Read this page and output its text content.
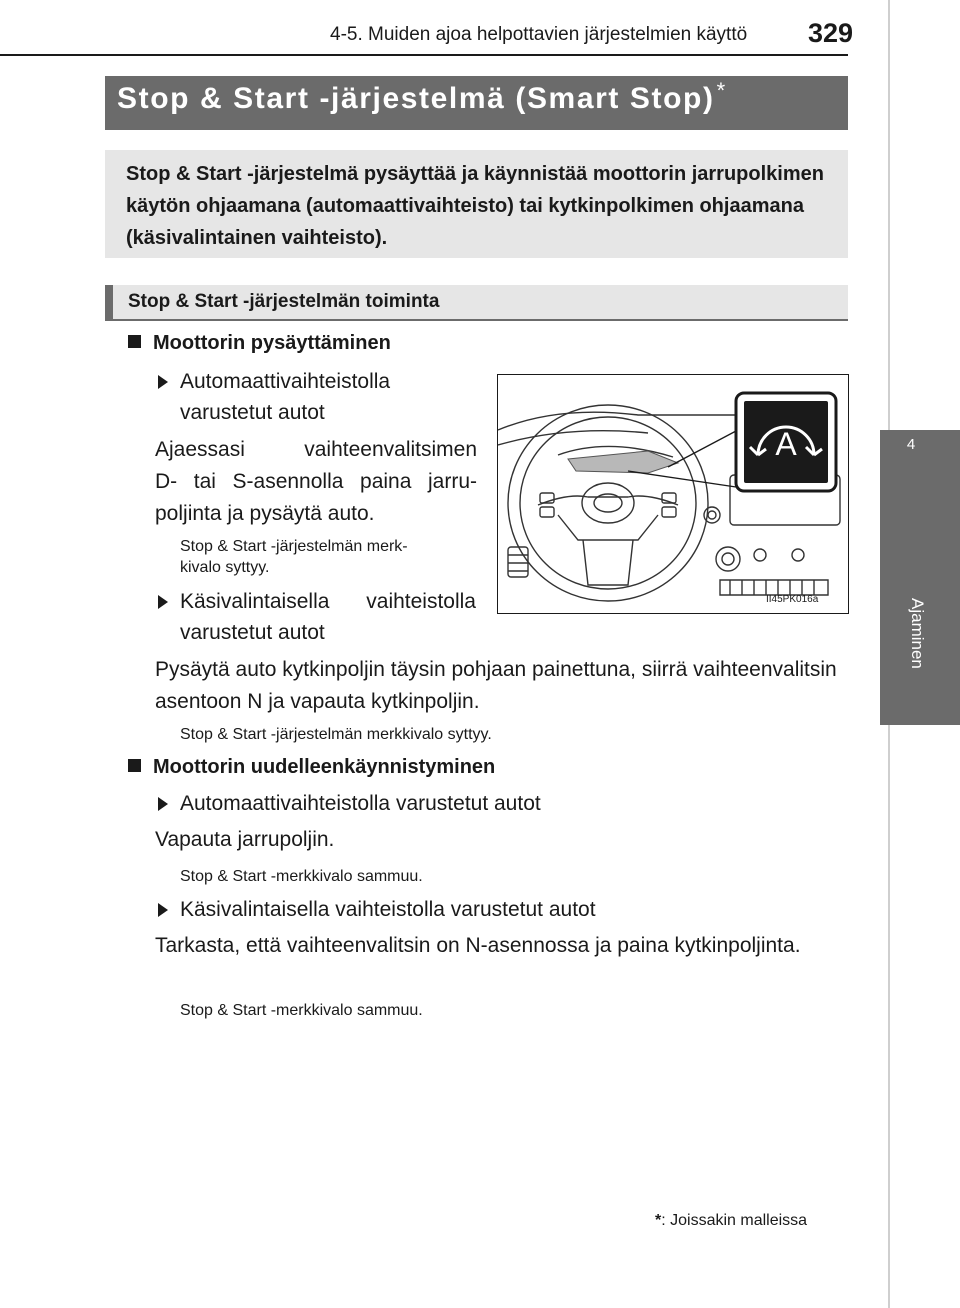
4-5. Muiden ajoa helpottavien järjestelmien käyttö	329
4
Ajaminen
Stop & Start -järjestelmä (Smart Stop)*
Stop & Start -järjestelmä pysäyttää ja käynnistää moottorin jarrupolkimen käytön ohjaamana (automaattivaihteisto) tai kytkinpolkimen ohjaamana (käsivalintainen vaihteisto).
Stop & Start -järjestelmän toiminta
Moottorin pysäyttäminen
Automaattivaihteistolla
varustetut autot
Ajaessasi vaihteenvalitsimen
D- tai S-asennolla paina jarru-
poljinta ja pysäytä auto.
Stop & Start -järjestelmän merk-
kivalo syttyy.
Käsivalintaisella vaihteistolla
varustetut autot
Pysäytä auto kytkinpoljin täysin pohjaan painettuna, siirrä vaihteenvalitsin asentoon N ja vapauta kytkinpoljin.
Stop & Start -järjestelmän merkkivalo syttyy.
A
II45PK016a
Moottorin uudelleenkäynnistyminen
Automaattivaihteistolla varustetut autot
Vapauta jarrupoljin.
Stop & Start -merkkivalo sammuu.
Käsivalintaisella vaihteistolla varustetut autot
Tarkasta, että vaihteenvalitsin on N-asennossa ja paina kytkinpoljinta.
Stop & Start -merkkivalo sammuu.
*: Joissakin malleissa
